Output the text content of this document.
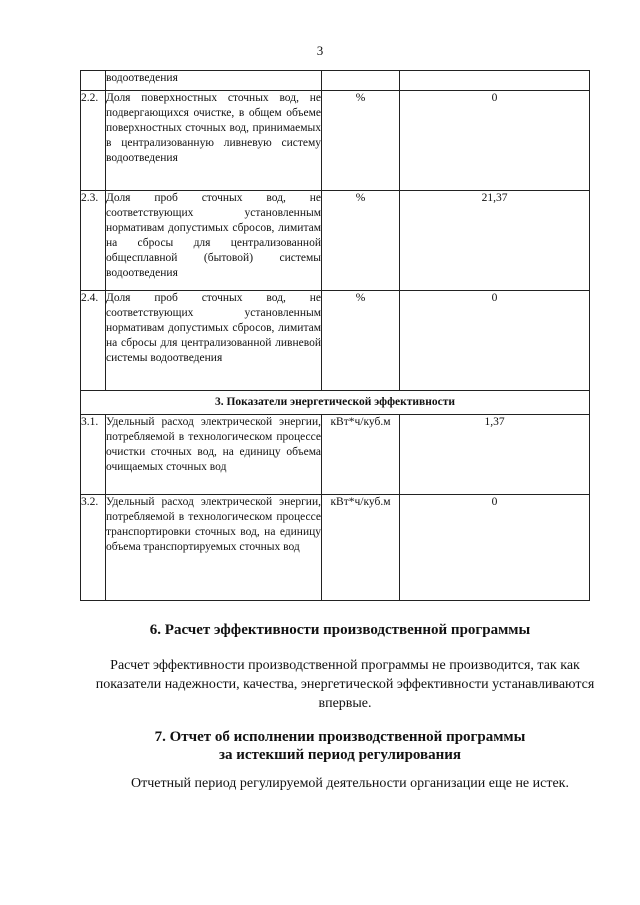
3
	водоотведения		
2.2.	Доля поверхностных сточных вод, не подвергающихся очистке, в общем объеме поверхностных сточных вод, принимаемых в централизованную ливневую систему водоотведения	%	0
2.3.	Доля проб сточных вод, не соответствующих установленным нормативам допустимых сбросов, лимитам на сбросы для централизованной общесплавной (бытовой) системы водоотведения	%	21,37
2.4.	Доля проб сточных вод, не соответствующих установленным нормативам допустимых сбросов, лимитам на сбросы для централизованной ливневой системы водоотведения	%	0
3. Показатели энергетической эффективности			
3.1.	Удельный расход электрической энергии, потребляемой в технологическом процессе очистки сточных вод, на единицу объема очищаемых сточных вод	кВт*ч/куб.м	1,37
3.2.	Удельный расход электрической энергии, потребляемой в технологическом процессе транспортировки сточных вод, на единицу объема транспортируемых сточных вод	кВт*ч/куб.м	0
6. Расчет эффективности производственной программы
Расчет эффективности производственной программы не производится, так как показатели надежности, качества, энергетической эффективности устанавливаются впервые.
7. Отчет об исполнении производственной программы
за истекший период регулирования
Отчетный период регулируемой деятельности организации еще не истек.
